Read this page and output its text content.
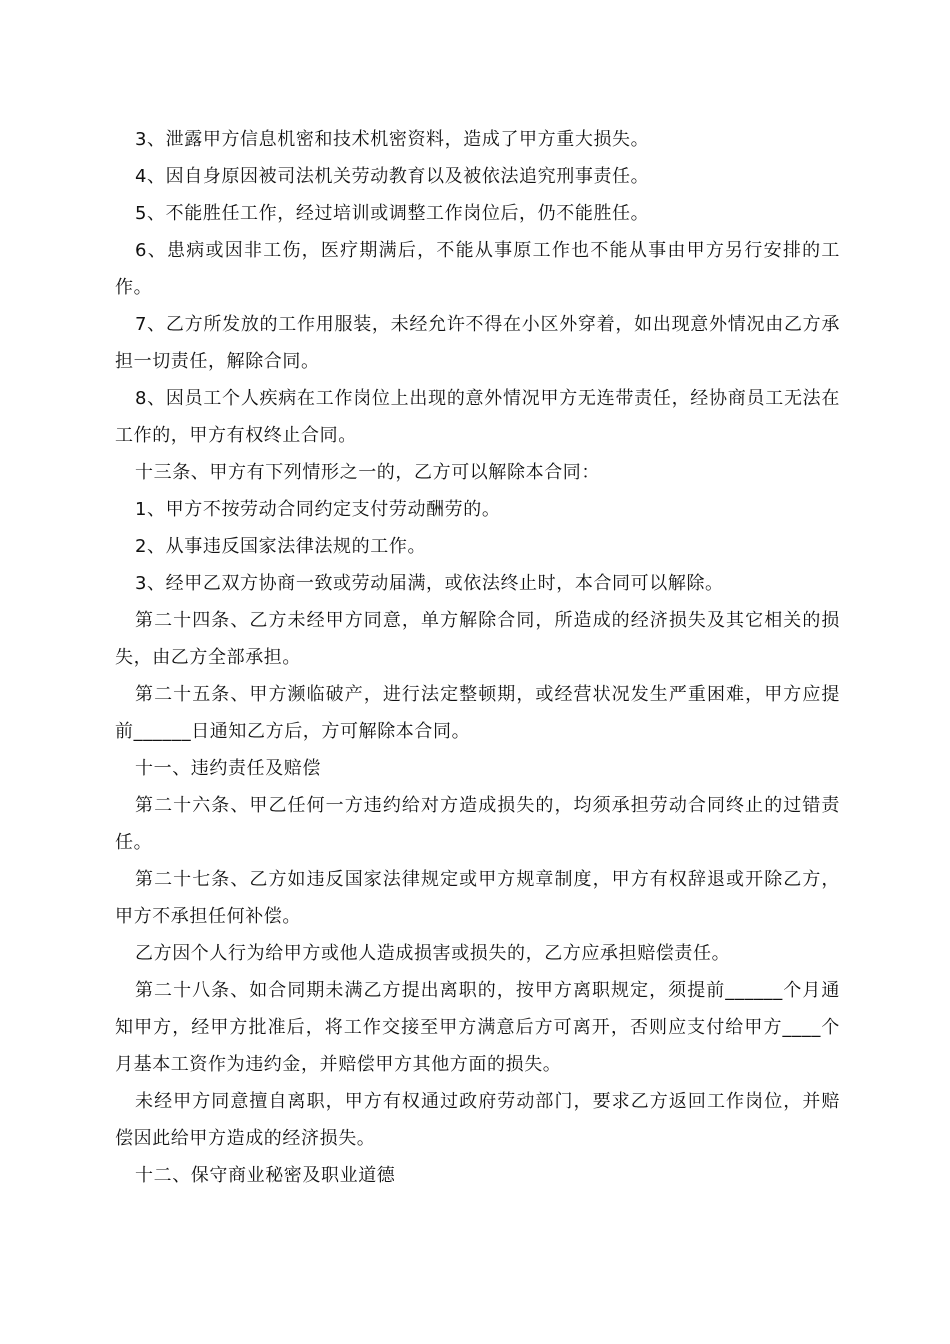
3、泄露甲方信息机密和技术机密资料，造成了甲方重大损失。

4、因自身原因被司法机关劳动教育以及被依法追究刑事责任。

5、不能胜任工作，经过培训或调整工作岗位后，仍不能胜任。

6、患病或因非工伤，医疗期满后，不能从事原工作也不能从事由甲方另行安排的工作。

7、乙方所发放的工作用服装，未经允许不得在小区外穿着，如出现意外情况由乙方承担一切责任，解除合同。

8、因员工个人疾病在工作岗位上出现的意外情况甲方无连带责任，经协商员工无法在工作的，甲方有权终止合同。

十三条、甲方有下列情形之一的，乙方可以解除本合同：

1、甲方不按劳动合同约定支付劳动酬劳的。

2、从事违反国家法律法规的工作。

3、经甲乙双方协商一致或劳动届满，或依法终止时，本合同可以解除。

第二十四条、乙方未经甲方同意，单方解除合同，所造成的经济损失及其它相关的损失，由乙方全部承担。

第二十五条、甲方濒临破产，进行法定整顿期，或经营状况发生严重困难，甲方应提前______日通知乙方后，方可解除本合同。

十一、违约责任及赔偿

第二十六条、甲乙任何一方违约给对方造成损失的，均须承担劳动合同终止的过错责任。

第二十七条、乙方如违反国家法律规定或甲方规章制度，甲方有权辞退或开除乙方，甲方不承担任何补偿。

乙方因个人行为给甲方或他人造成损害或损失的，乙方应承担赔偿责任。

第二十八条、如合同期未满乙方提出离职的，按甲方离职规定，须提前______个月通知甲方，经甲方批准后，将工作交接至甲方满意后方可离开，否则应支付给甲方____个月基本工资作为违约金，并赔偿甲方其他方面的损失。

未经甲方同意擅自离职，甲方有权通过政府劳动部门，要求乙方返回工作岗位，并赔偿因此给甲方造成的经济损失。

十二、保守商业秘密及职业道德
